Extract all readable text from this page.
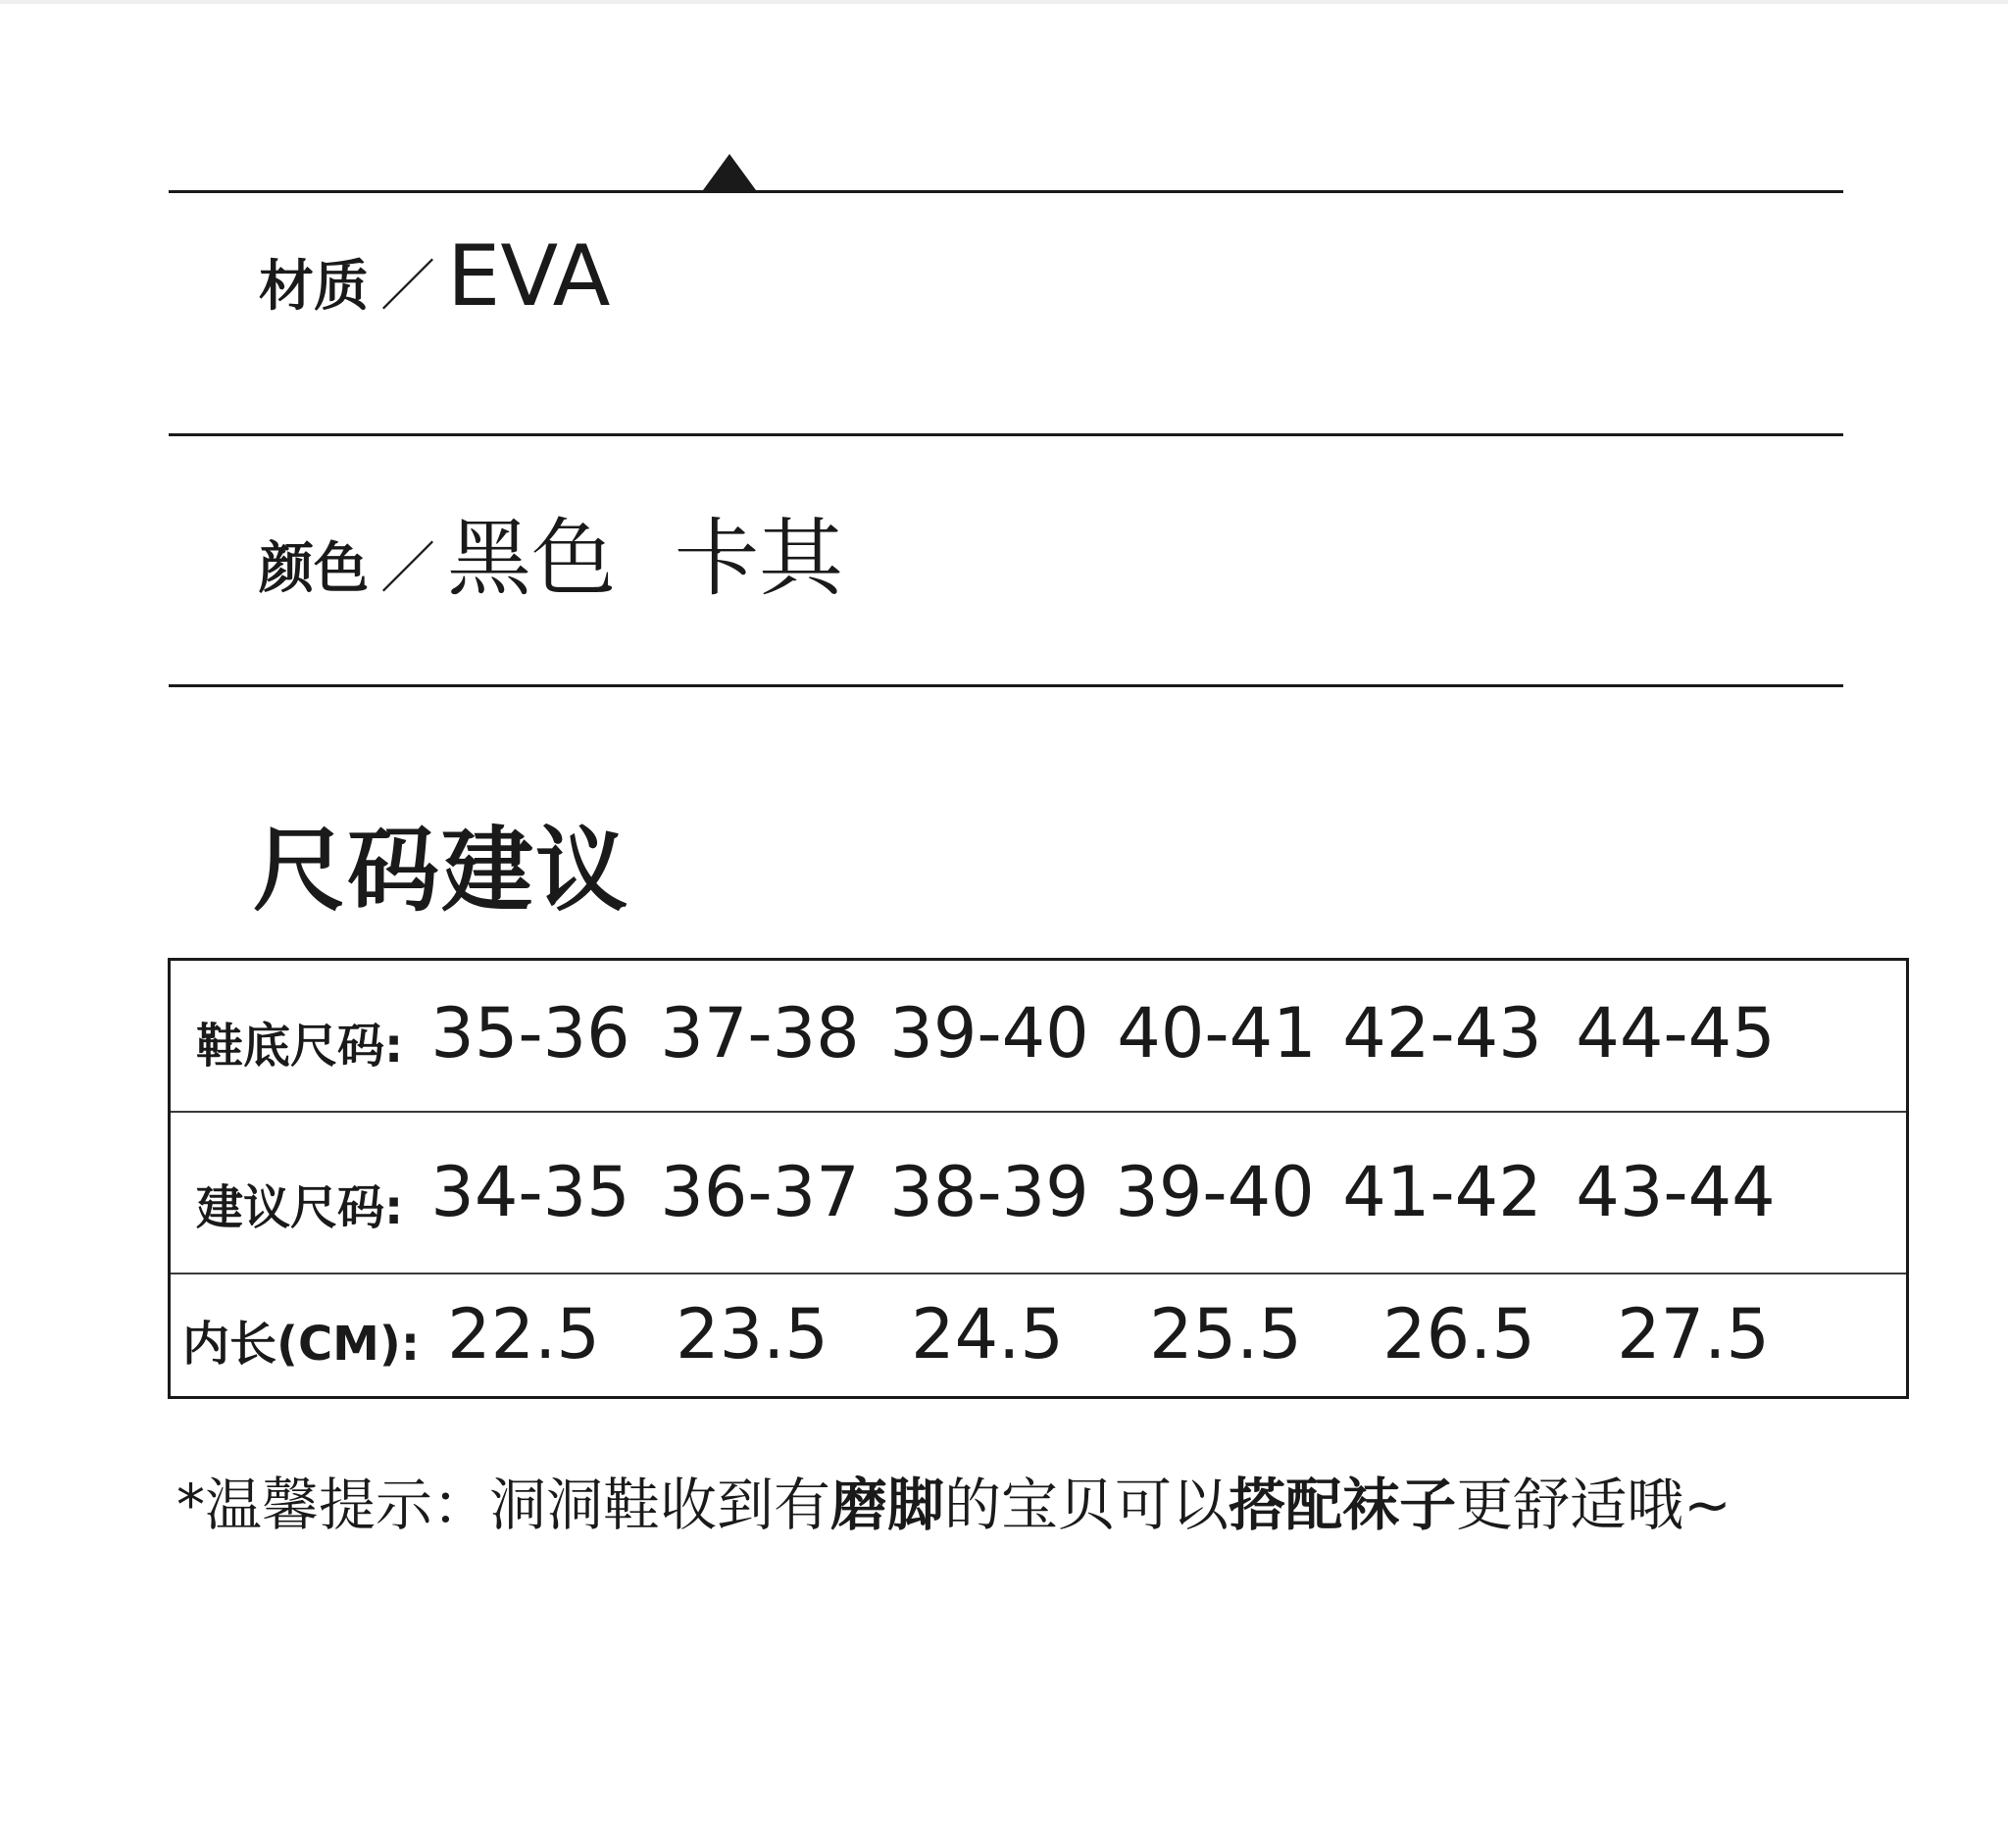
材质 ／ EVA
颜色 ／ 黑色 卡其
尺码建议
鞋底尺码: 35-36 37-38 39-40 40-41 42-43 44-45
建议尺码: 34-35 36-37 38-39 39-40 41-42 43-44
内长(CM): 22.5 23.5 24.5 25.5 26.5 27.5
*温馨提示： 洞洞鞋收到有 磨脚 的宝贝可以 搭配袜子 更舒适哦~
